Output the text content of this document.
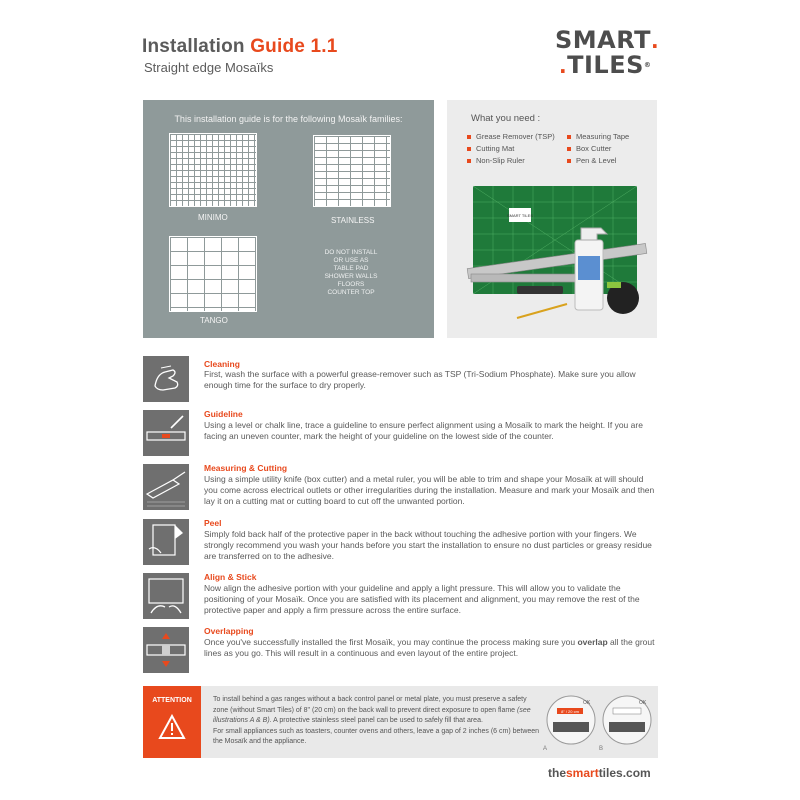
Installation Guide 1.1
Straight edge Mosaïks
SMART.
.TILES®
This installation guide is for the following Mosaïk families:
MINIMO	STAINLESS
TANGO
DO NOT INSTALL
OR USE AS
TABLE PAD
SHOWER WALLS
FLOORS
COUNTER TOP
What you need :
Grease Remover (TSP)	Measuring Tape
Cutting Mat	Box Cutter
Non-Slip Ruler	Pen & Level
SMART TILES
Cleaning
First, wash the surface with a powerful grease-remover such as TSP (Tri-Sodium Phosphate). Make sure you allow enough time for the surface to dry properly.
Guideline
Using a level or chalk line, trace a guideline to ensure perfect alignment using a Mosaïk to mark the height. If you are facing an uneven counter, mark the height of your guideline on the lowest side of the counter.
Measuring & Cutting
Using a simple utility knife (box cutter) and a metal ruler, you will be able to trim and shape your Mosaïk at will should you come across electrical outlets or other irregularities during the installation. Measure and mark your Mosaïk and then lay it on a cutting mat or cutting board to cut off the unwanted portion.
Peel
Simply fold back half of the protective paper in the back without touching the adhesive portion with your fingers. We strongly recommend you wash your hands before you start the installation to ensure no dust particles or greasy residue are transferred on to the adhesive.
Align & Stick
Now align the adhesive portion with your guideline and apply a light pressure. This will allow you to validate the positioning of your Mosaïk. Once you are satisfied with its placement and alignment, you may remove the rest of the protective paper and apply a firm pressure across the entire surface.
Overlapping
Once you've successfully installed the first Mosaïk, you may continue the process making sure you overlap all the grout lines as you go. This will result in a continuous and even layout of the entire project.
ATTENTION	To install behind a gas ranges without a back control panel or metal plate, you must preserve a safety zone (without Smart Tiles) of 8" (20 cm) on the back wall to prevent direct exposure to open flame (see illustrations A & B). A protective stainless steel panel can be used to safely fill that area.
For small appliances such as toasters, counter ovens and others, leave a gap of 2 inches (6 cm) between the Mosaïk and the appliance.
8" / 20 cm
OK
A
OK
B
thesmarttiles.com
